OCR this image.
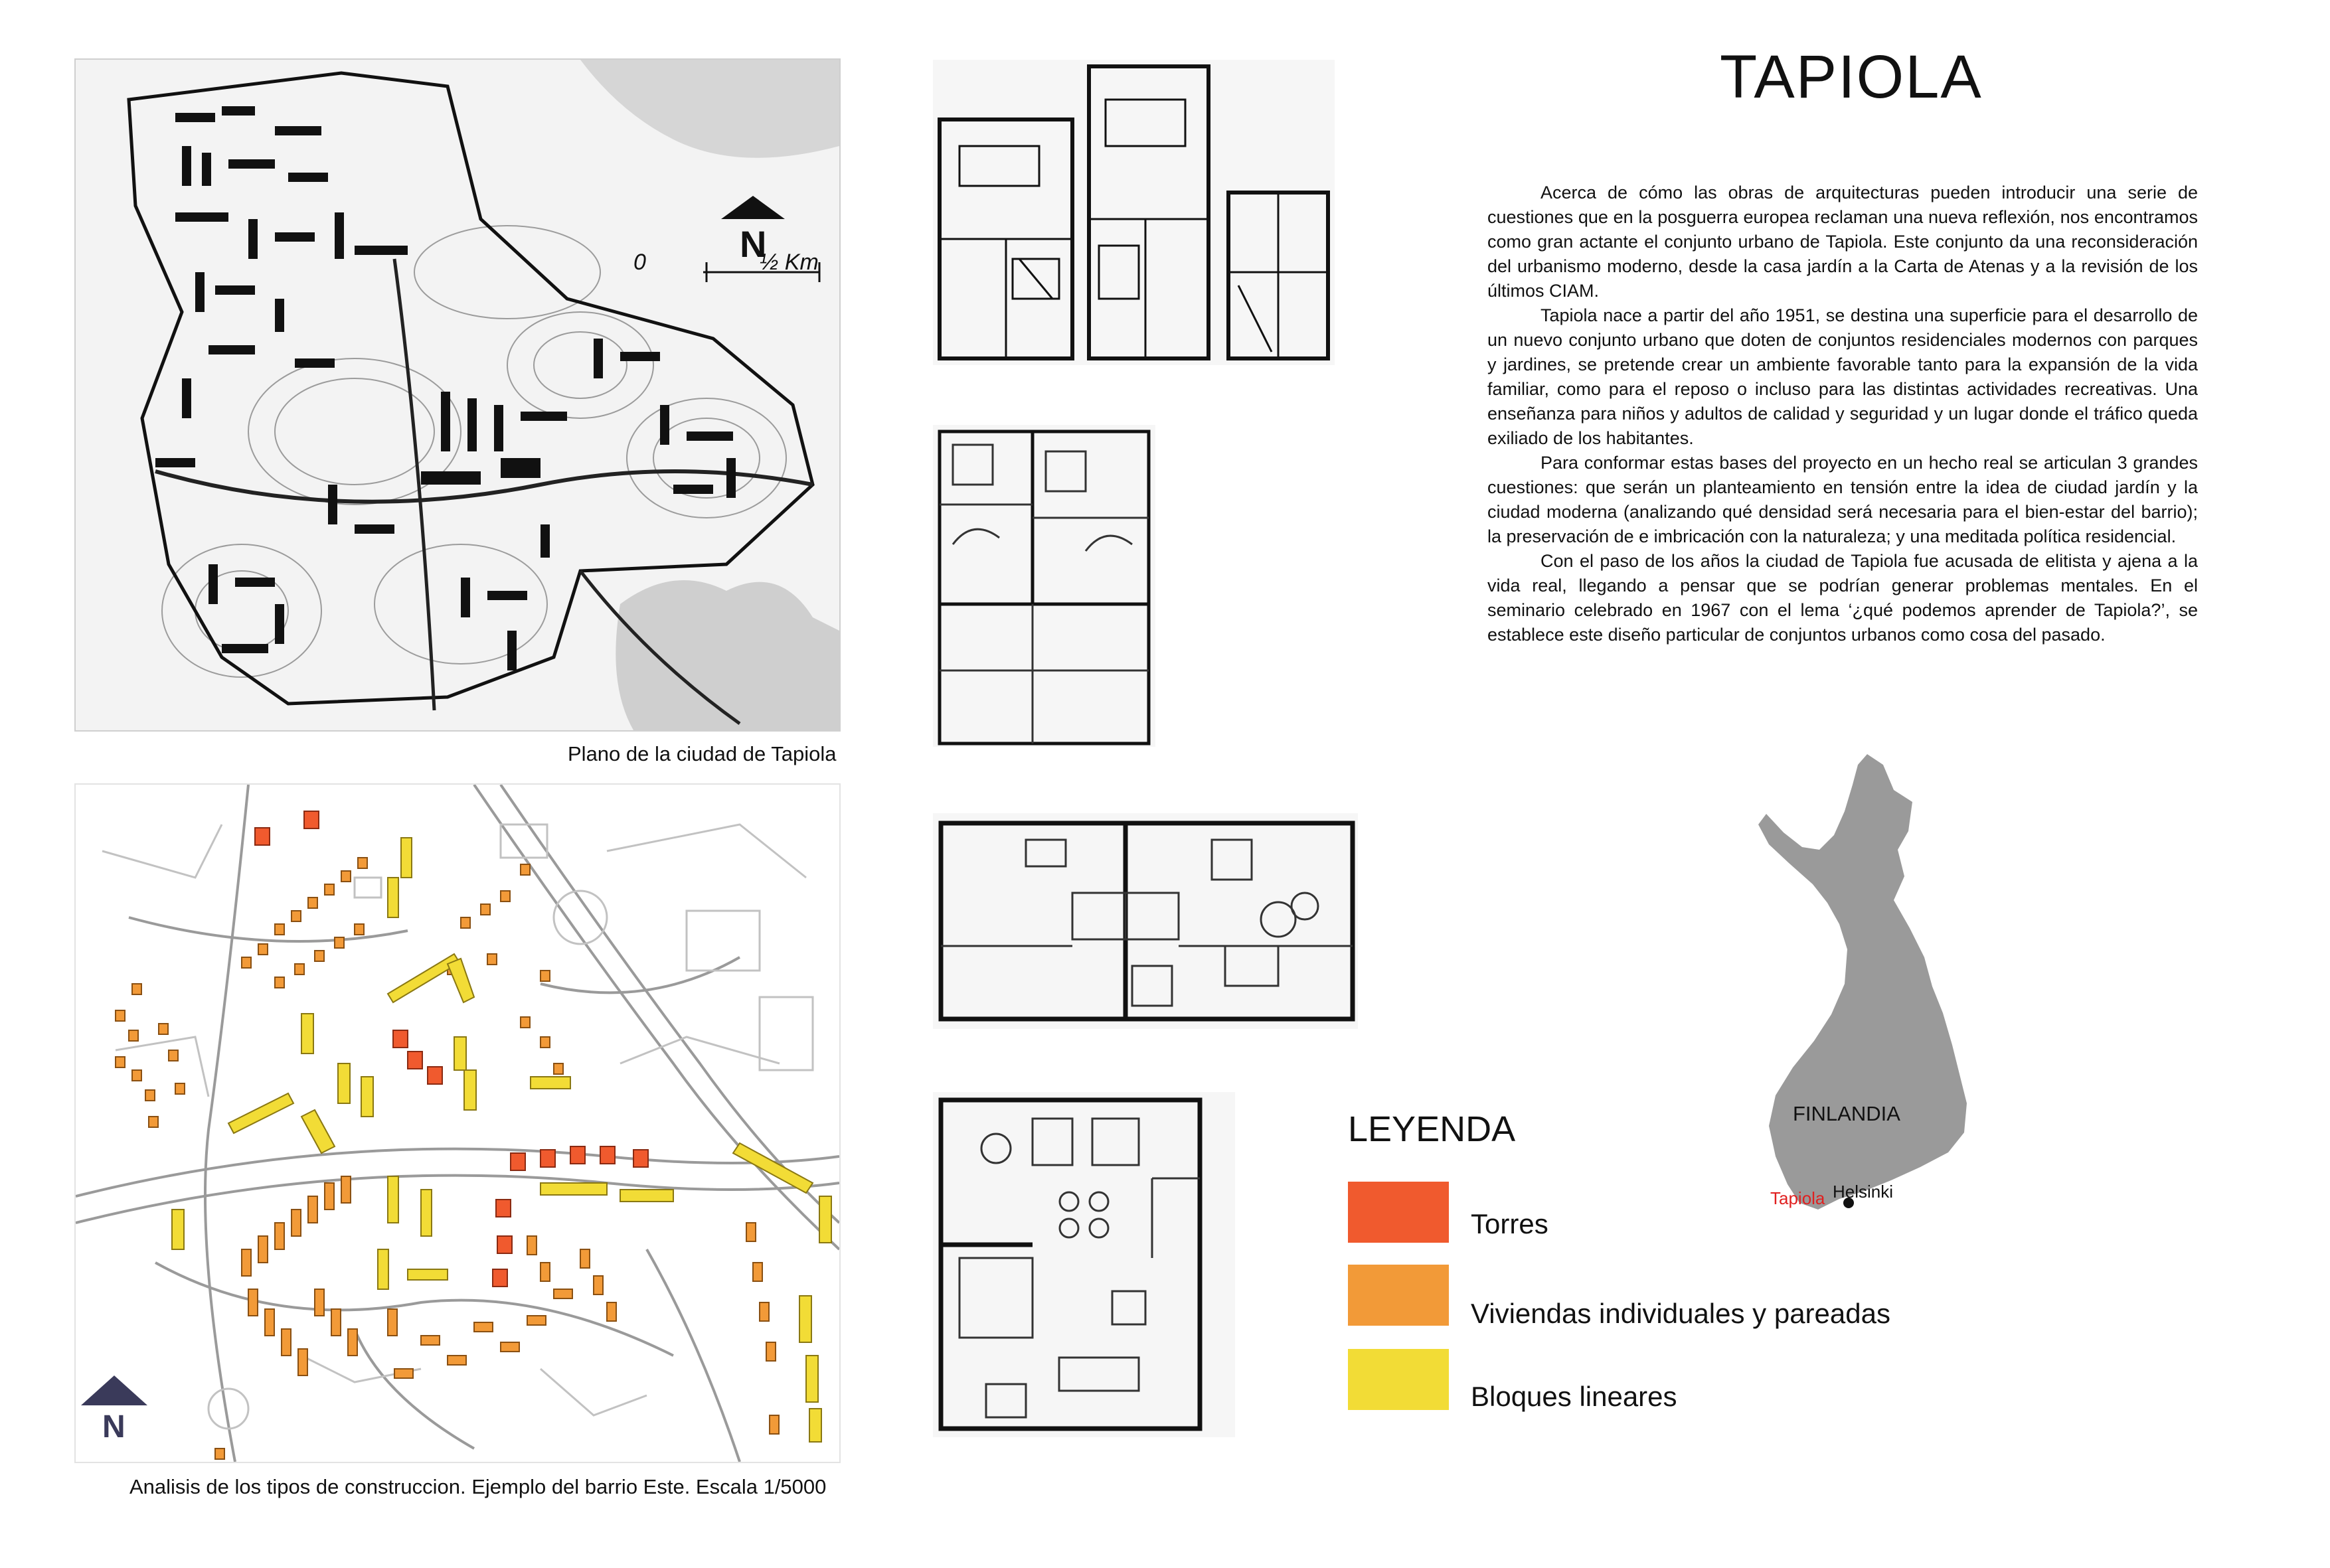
N
0	½ Km
Plano de la ciudad de Tapiola
N
Analisis de los tipos de construccion. Ejemplo del barrio Este. Escala 1/5000
TAPIOLA

Acerca de cómo las obras de arquitecturas pueden introducir una serie de cuestiones que en la posguerra europea reclaman una nueva reflexión, nos encontramos como gran actante el conjunto urbano de Tapiola. Este conjunto da una reconsideración del urbanismo moderno, desde la casa jardín a la Carta de Atenas y a la revisión de los últimos CIAM.

Tapiola nace a partir del año 1951, se destina una superficie para el desarrollo de un nuevo conjunto urbano que doten de conjuntos residenciales modernos con parques y jardines, se pretende crear un ambiente favorable tanto para la expansión de la vida familiar, como para el reposo o incluso para las distintas actividades recreativas. Una enseñanza para niños y adultos de calidad y seguridad y un lugar donde el tráfico queda exiliado de los habitantes.

Para conformar estas bases del proyecto en un hecho real se articulan 3 grandes cuestiones: que serán un planteamiento en tensión entre la idea de ciudad jardín y la ciudad moderna (analizando qué densidad será necesaria para el bien-estar del barrio); la preservación de e imbricación con la naturaleza; y una meditada política residencial.

Con el paso de los años la ciudad de Tapiola fue acusada de elitista y ajena a la vida real, llegando a pensar que se podrían generar problemas mentales. En el seminario celebrado en 1967 con el lema ‘¿qué podemos aprender de Tapiola?’, se establece este diseño particular de conjuntos urbanos como cosa del pasado.

LEYENDA
Torres
Viviendas individuales y pareadas
Bloques lineares
FINLANDIA
Tapiola Helsinki
